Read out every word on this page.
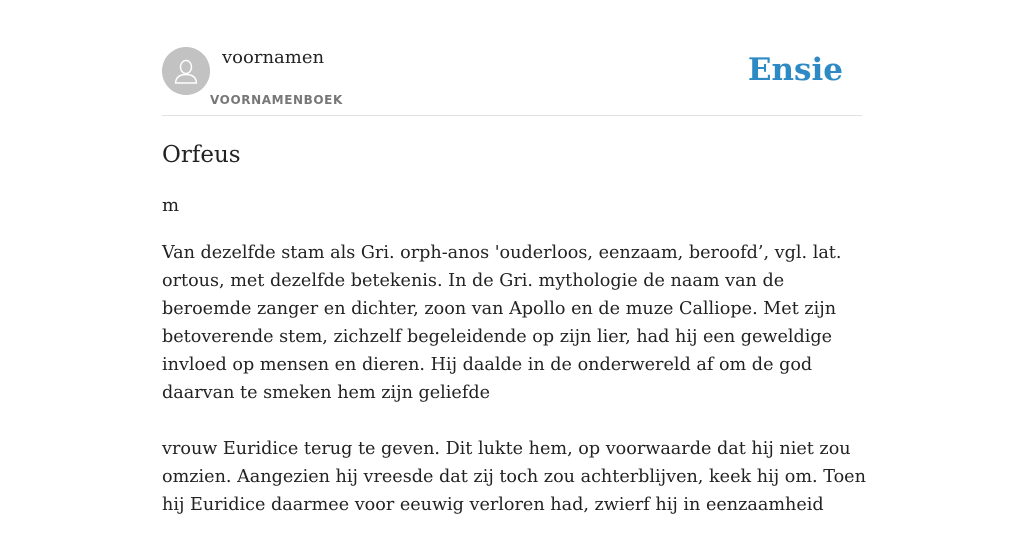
voornamen
VOORNAMENBOEK
Ensie
Orfeus
m

Van dezelfde stam als Gri. orph-anos 'ouderloos, eenzaam, beroofd’, vgl. lat. ortous, met dezelfde betekenis. In de Gri. mythologie de naam van de beroemde zanger en dichter, zoon van Apollo en de muze Calliope. Met zijn betoverende stem, zichzelf begeleidende op zijn lier, had hij een geweldige invloed op mensen en dieren. Hij daalde in de onderwereld af om de god daarvan te smeken hem zijn geliefde

vrouw Euridice terug te geven. Dit lukte hem, op voorwaarde dat hij niet zou omzien. Aangezien hij vreesde dat zij toch zou achterblijven, keek hij om. Toen hij Euridice daarmee voor eeuwig verloren had, zwierf hij in eenzaamheid
